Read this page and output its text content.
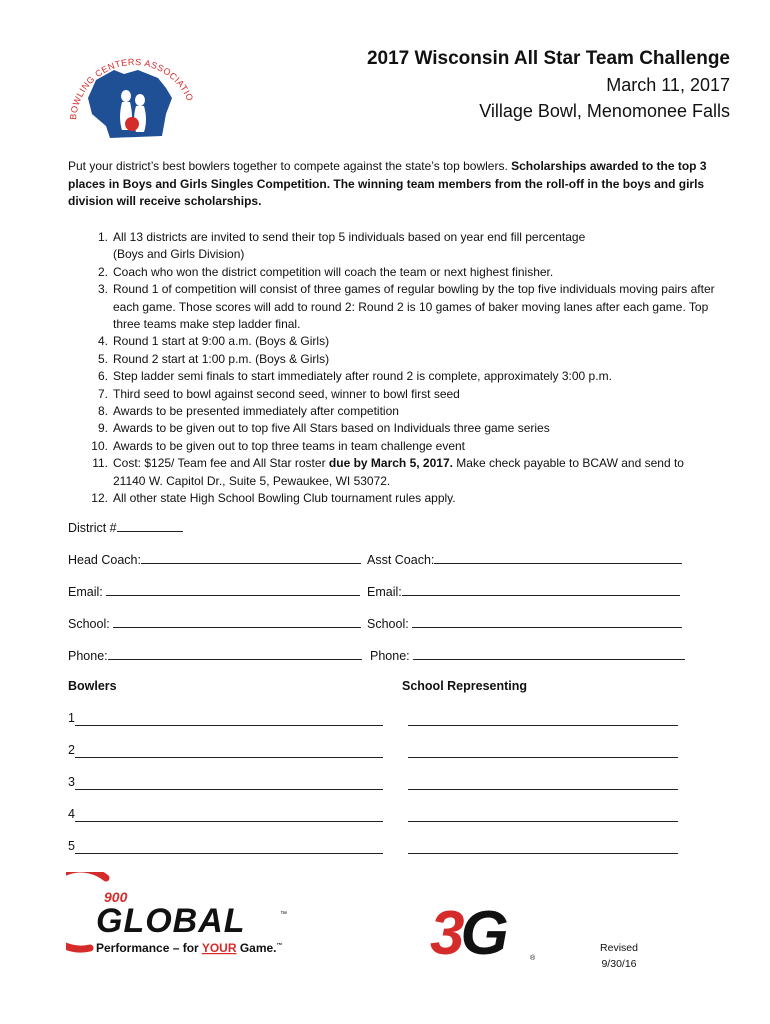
BOWLING CENTERS ASSOCIATIO
2017 Wisconsin All Star Team Challenge
March 11, 2017
Village Bowl, Menomonee Falls
Put your district’s best bowlers together to compete against the state’s top bowlers. Scholarships awarded to the top 3 places in Boys and Girls Singles Competition. The winning team members from the roll-off in the boys and girls division will receive scholarships.
1 . All 13 districts are invited to send their top 5 individuals based on year end fill percentage
(Boys and Girls Division)
2 . Coach who won the district competition will coach the team or next highest finisher.
3 . Round 1 of competition will consist of three games of regular bowling by the top five individuals moving pairs after each game. Those scores will add to round 2: Round 2 is 10 games of baker moving lanes after each game. Top three teams make step ladder final.
4 . Round 1 start at 9:00 a.m. (Boys & Girls)
5 . Round 2 start at 1:00 p.m. (Boys & Girls)
6 . Step ladder semi finals to start immediately after round 2 is complete, approximately 3:00 p.m.
7 . Third seed to bowl against second seed, winner to bowl first seed
8 . Awards to be presented immediately after competition
9 . Awards to be given out to top five All Stars based on Individuals three game series
10 . Awards to be given out to top three teams in team challenge event
11 . Cost: $125/ Team fee and All Star roster due by March 5, 2017. Make check payable to BCAW and send to 21140 W. Capitol Dr., Suite 5, Pewaukee, WI 53072.
12 . All other state High School Bowling Club tournament rules apply.
District #
Head Coach:	Asst Coach:
Email:	Email:
School:	School:
Phone:	Phone:
Bowlers	School Representing
1
2
3
4
5
900
GLOBAL	™
Performance – for YOUR Game.™ 3G	®
Revised
9/30/16
